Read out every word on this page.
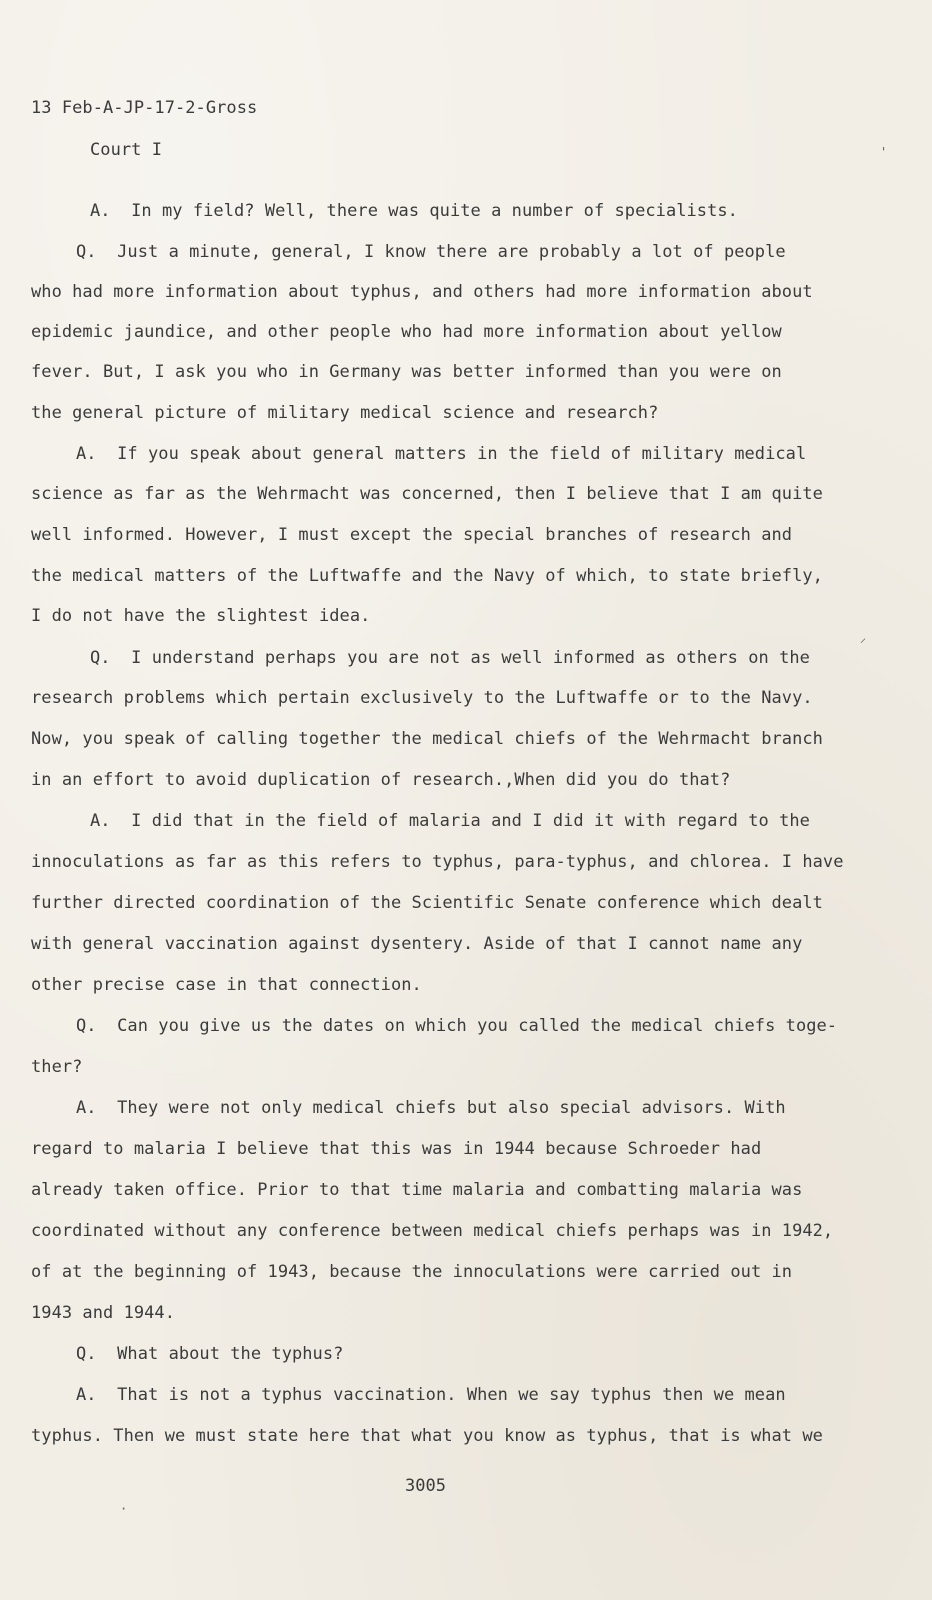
13 Feb-A-JP-17-2-Gross
Court I
A.  In my field? Well, there was quite a number of specialists.
Q.  Just a minute, general, I know there are probably a lot of people
who had more information about typhus, and others had more information about
epidemic jaundice, and other people who had more information about yellow
fever. But, I ask you who in Germany was better informed than you were on
the general picture of military medical science and research?
A.  If you speak about general matters in the field of military medical
science as far as the Wehrmacht was concerned, then I believe that I am quite
well informed. However, I must except the special branches of research and
the medical matters of the Luftwaffe and the Navy of which, to state briefly,
I do not have the slightest idea.
Q.  I understand perhaps you are not as well informed as others on the
research problems which pertain exclusively to the Luftwaffe or to the Navy.
Now, you speak of calling together the medical chiefs of the Wehrmacht branch
in an effort to avoid duplication of research.,When did you do that?
A.  I did that in the field of malaria and I did it with regard to the
innoculations as far as this refers to typhus, para-typhus, and chlorea. I have
further directed coordination of the Scientific Senate conference which dealt
with general vaccination against dysentery. Aside of that I cannot name any
other precise case in that connection.
Q.  Can you give us the dates on which you called the medical chiefs toge-
ther?
A.  They were not only medical chiefs but also special advisors. With
regard to malaria I believe that this was in 1944 because Schroeder had
already taken office. Prior to that time malaria and combatting malaria was
coordinated without any conference between medical chiefs perhaps was in 1942,
of at the beginning of 1943, because the innoculations were carried out in
1943 and 1944.
Q.  What about the typhus?
A.  That is not a typhus vaccination. When we say typhus then we mean
typhus. Then we must state here that what you know as typhus, that is what we
3005
⸍
'
·
